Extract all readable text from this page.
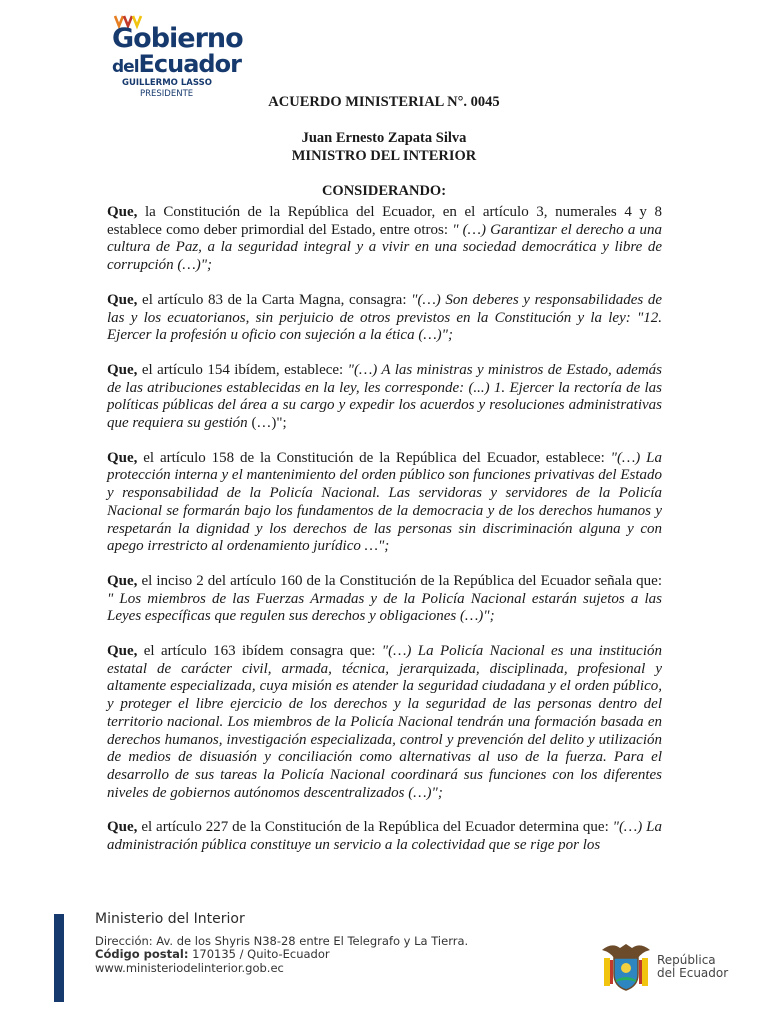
Gobierno
delEcuador
GUILLERMO LASSO
PRESIDENTE	ACUERDO MINISTERIAL N°. 0045
Juan Ernesto Zapata Silva
MINISTRO DEL INTERIOR
CONSIDERANDO:

Que, la Constitución de la República del Ecuador, en el artículo 3, numerales 4 y 8 establece como deber primordial del Estado, entre otros: " (…) Garantizar el derecho a una cultura de Paz, a la seguridad integral y a vivir en una sociedad democrática y libre de corrupción (…)";

Que, el artículo 83 de la Carta Magna, consagra: "(…) Son deberes y responsabilidades de las y los ecuatorianos, sin perjuicio de otros previstos en la Constitución y la ley: "12. Ejercer la profesión u oficio con sujeción a la ética (…)";

Que, el artículo 154 ibídem, establece: "(…) A las ministras y ministros de Estado, además de las atribuciones establecidas en la ley, les corresponde: (...) 1. Ejercer la rectoría de las políticas públicas del área a su cargo y expedir los acuerdos y resoluciones administrativas que requiera su gestión (…)";

Que, el artículo 158 de la Constitución de la República del Ecuador, establece: "(…) La protección interna y el mantenimiento del orden público son funciones privativas del Estado y responsabilidad de la Policía Nacional. Las servidoras y servidores de la Policía Nacional se formarán bajo los fundamentos de la democracia y de los derechos humanos y respetarán la dignidad y los derechos de las personas sin discriminación alguna y con apego irrestricto al ordenamiento jurídico …";

Que, el inciso 2 del artículo 160 de la Constitución de la República del Ecuador señala que: " Los miembros de las Fuerzas Armadas y de la Policía Nacional estarán sujetos a las Leyes específicas que regulen sus derechos y obligaciones (…)";

Que, el artículo 163 ibídem consagra que: "(…) La Policía Nacional es una institución estatal de carácter civil, armada, técnica, jerarquizada, disciplinada, profesional y altamente especializada, cuya misión es atender la seguridad ciudadana y el orden público, y proteger el libre ejercicio de los derechos y la seguridad de las personas dentro del territorio nacional. Los miembros de la Policía Nacional tendrán una formación basada en derechos humanos, investigación especializada, control y prevención del delito y utilización de medios de disuasión y conciliación como alternativas al uso de la fuerza. Para el desarrollo de sus tareas la Policía Nacional coordinará sus funciones con los diferentes niveles de gobiernos autónomos descentralizados (…)";

Que, el artículo 227 de la Constitución de la República del Ecuador determina que: "(…) La administración pública constituye un servicio a la colectividad que se rige por los

Ministerio del Interior
Dirección: Av. de los Shyris N38-28 entre El Telegrafo y La Tierra.
Código postal: 170135 / Quito-Ecuador
www.ministeriodelinterior.gob.ec
República
del Ecuador
